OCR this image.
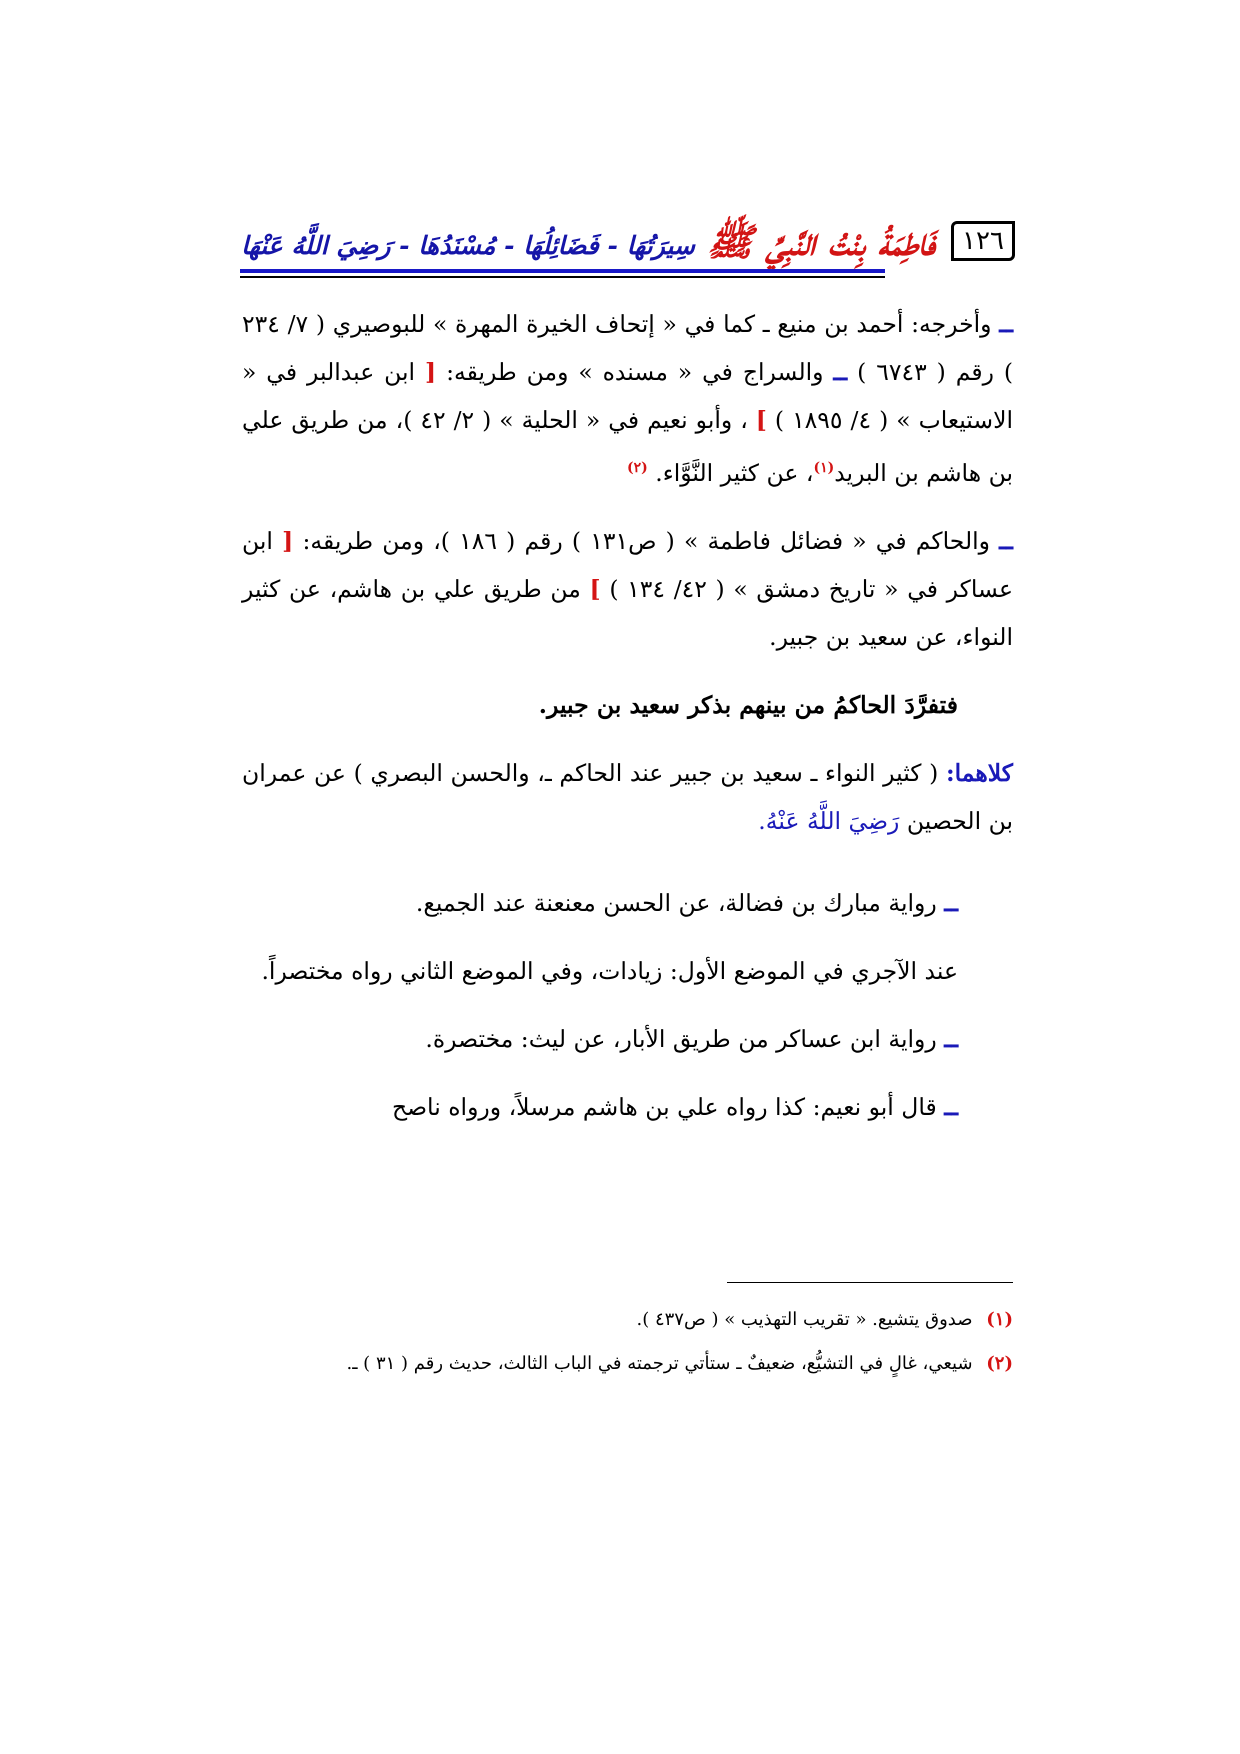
فَاطِمَةُ بِنْتُ النَّبِيِّ ﷺ
سِيرَتُهَا - فَضَائِلُهَا - مُسْنَدُهَا - رَضِيَ اللَّهُ عَنْهَا	١٢٦

ــ وأخرجه: أحمد بن منيع ـ كما في « إتحاف الخيرة المهرة » للبوصيري ( ٧/ ٢٣٤ ) رقم ( ٦٧٤٣ ) ــ والسراج في « مسنده » ومن طريقه: [ ابن عبدالبر في « الاستيعاب » ( ٤/ ١٨٩٥ ) ] ، وأبو نعيم في « الحلية » ( ٢/ ٤٢ )، من طريق علي بن هاشم بن البريد$^{(١)}$، عن كثير النَّوَّاء. $^{(٢)}$

ــ والحاكم في « فضائل فاطمة » ( ص١٣١ ) رقم ( ١٨٦ )، ومن طريقه: [ ابن عساكر في « تاريخ دمشق » ( ٤٢/ ١٣٤ ) ] من طريق علي بن هاشم، عن كثير النواء، عن سعيد بن جبير.

فتفرَّدَ الحاكمُ من بينهم بذكر سعيد بن جبير.

كلاهما: ( كثير النواء ـ سعيد بن جبير عند الحاكم ـ، والحسن البصري ) عن عمران بن الحصين رَضِيَ اللَّهُ عَنْهُ.

ــ رواية مبارك بن فضالة، عن الحسن معنعنة عند الجميع.

عند الآجري في الموضع الأول: زيادات، وفي الموضع الثاني رواه مختصراً.

ــ رواية ابن عساكر من طريق الأبار، عن ليث: مختصرة.

ــ قال أبو نعيم: كذا رواه علي بن هاشم مرسلاً، ورواه ناصح

(١) صدوق يتشيع. « تقريب التهذيب » ( ص٤٣٧ ).

(٢) شيعي، غالٍ في التشيُّع، ضعيفٌ ـ ستأتي ترجمته في الباب الثالث، حديث رقم ( ٣١ ) ـ.
